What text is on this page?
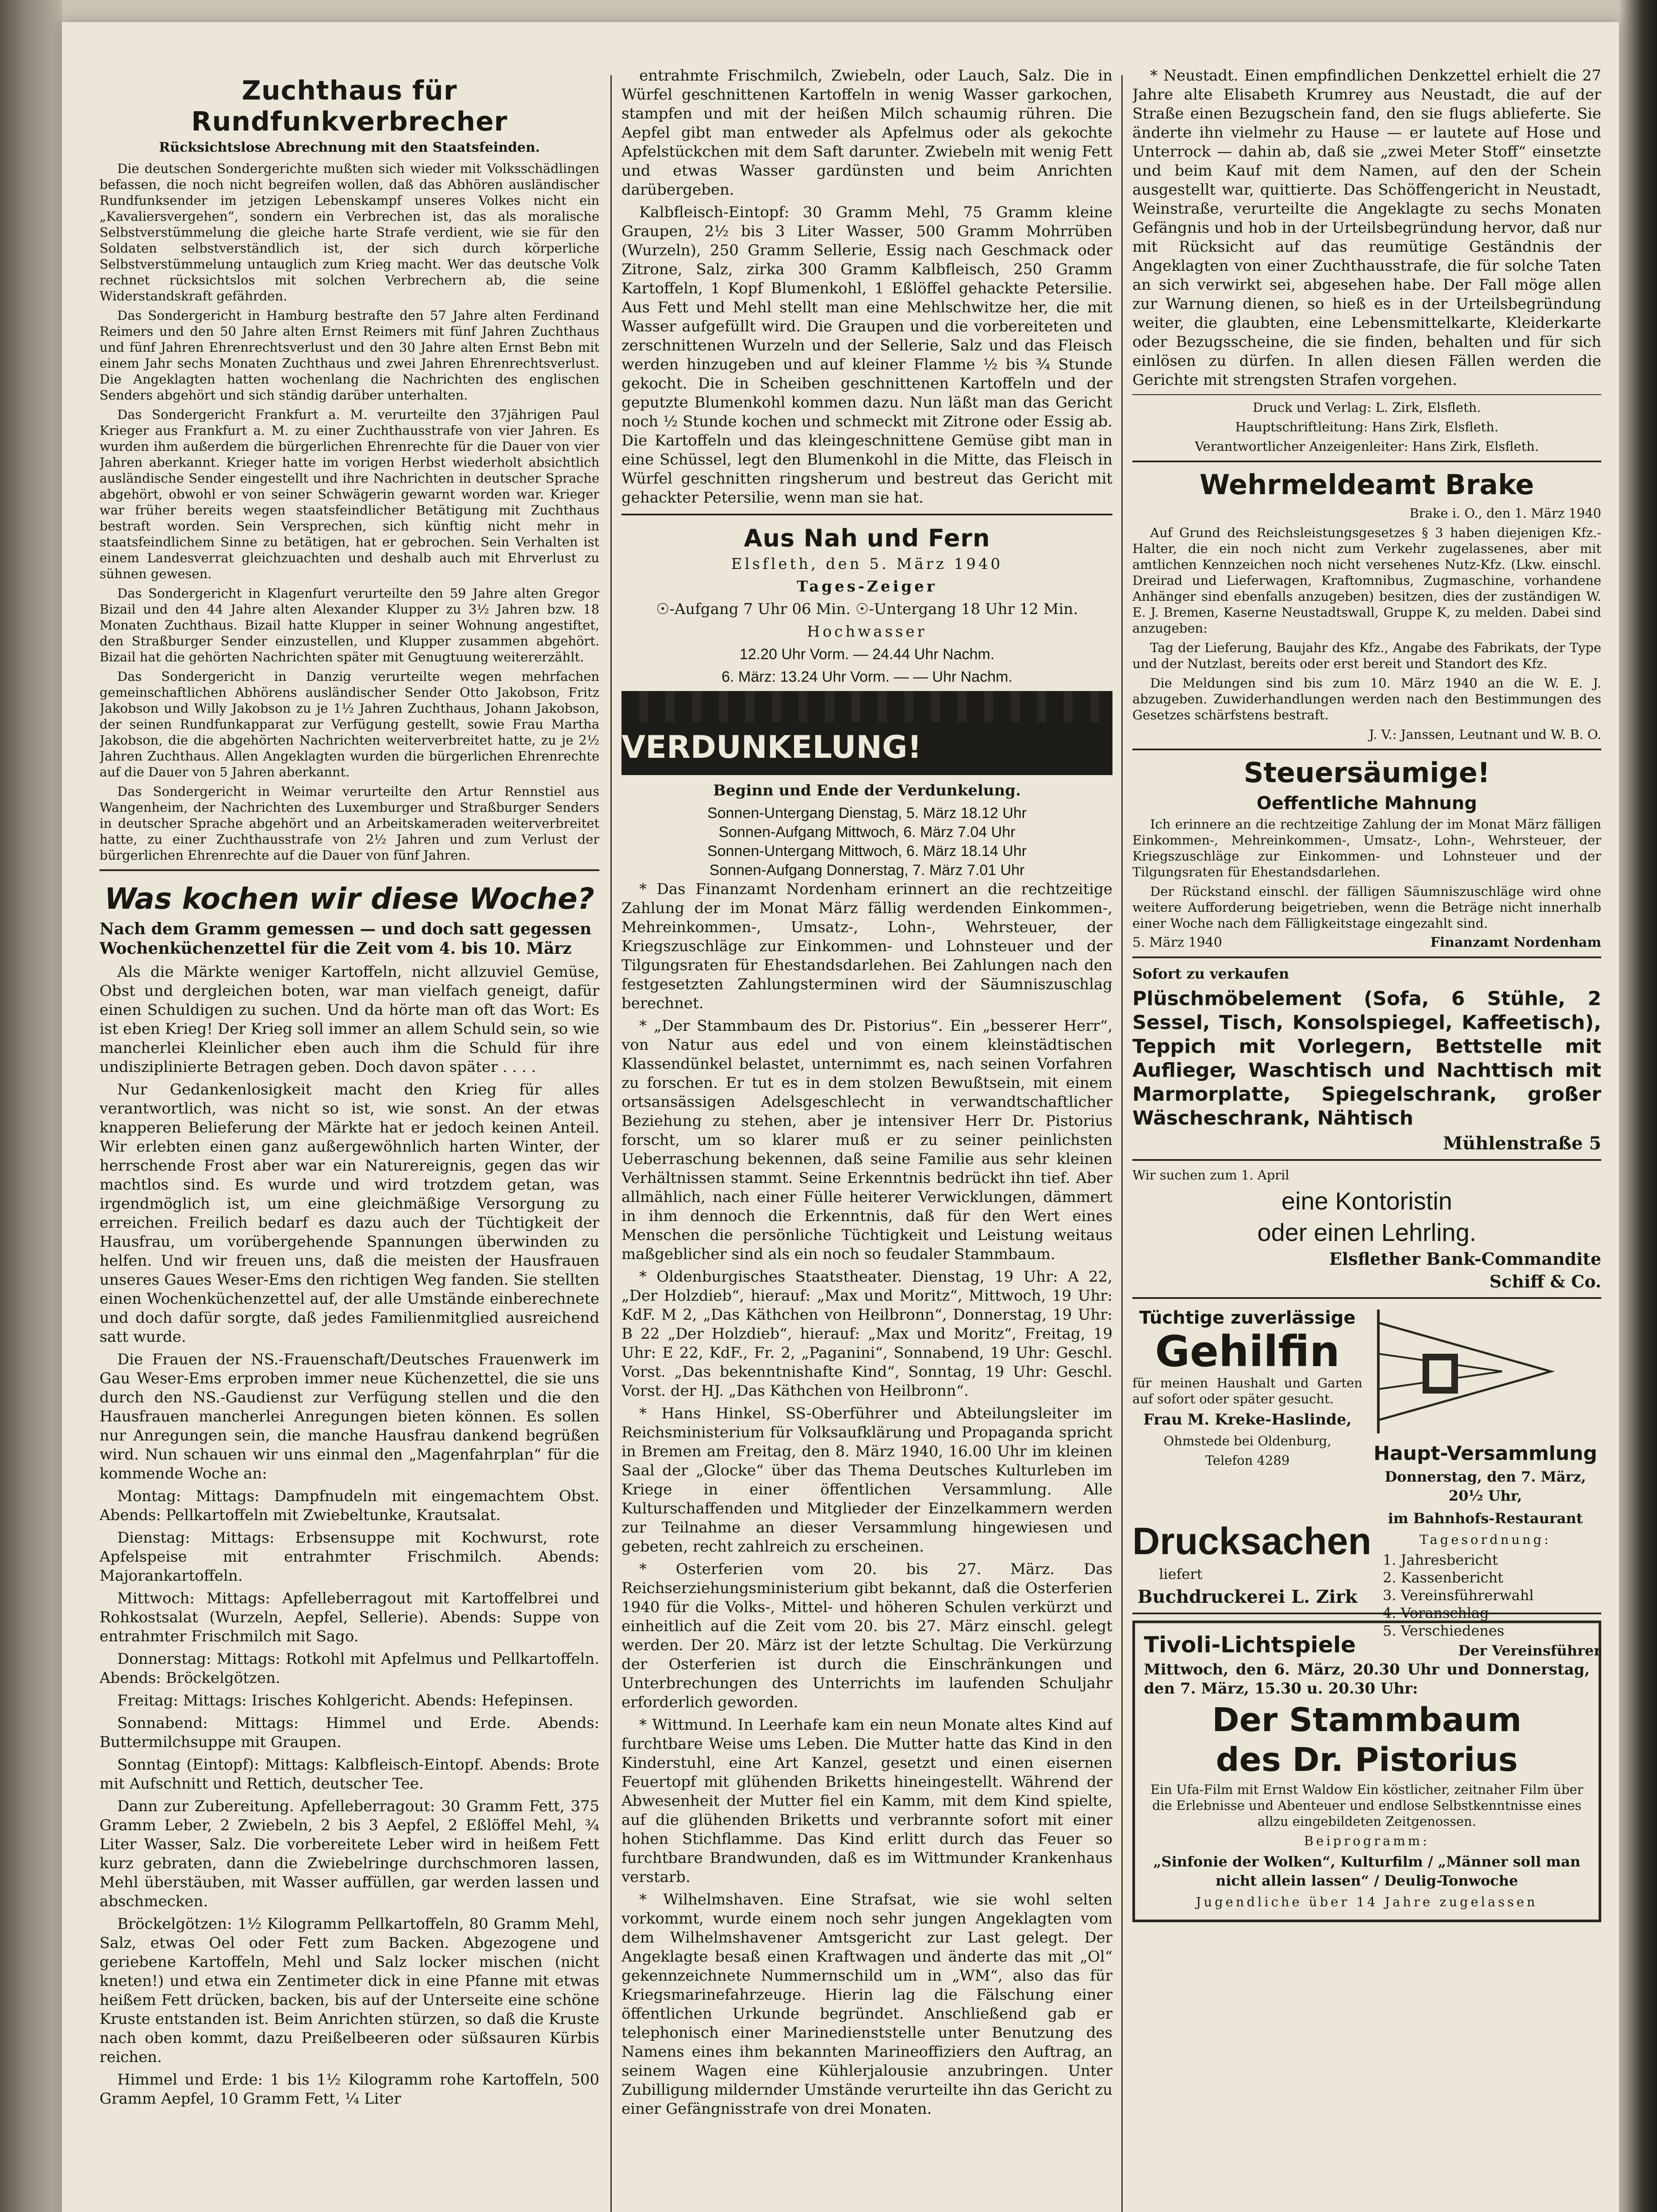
Zuchthaus für Rundfunkverbrecher
Rücksichtslose Abrechnung mit den Staatsfeinden.

Die deutschen Sondergerichte mußten sich wieder mit Volksschädlingen befassen, die noch nicht begreifen wollen, daß das Abhören ausländischer Rundfunksender im jetzigen Lebenskampf unseres Volkes nicht ein „Kavaliersvergehen“, sondern ein Verbrechen ist, das als moralische Selbstverstümmelung die gleiche harte Strafe verdient, wie sie für den Soldaten selbstverständlich ist, der sich durch körperliche Selbstverstümmelung untauglich zum Krieg macht. Wer das deutsche Volk rechnet rücksichtslos mit solchen Verbrechern ab, die seine Widerstandskraft gefährden.

Das Sondergericht in Hamburg bestrafte den 57 Jahre alten Ferdinand Reimers und den 50 Jahre alten Ernst Reimers mit fünf Jahren Zuchthaus und fünf Jahren Ehrenrechtsverlust und den 30 Jahre alten Ernst Bebn mit einem Jahr sechs Monaten Zuchthaus und zwei Jahren Ehrenrechtsverlust. Die Angeklagten hatten wochenlang die Nachrichten des englischen Senders abgehört und sich ständig darüber unterhalten.

Das Sondergericht Frankfurt a. M. verurteilte den 37jährigen Paul Krieger aus Frankfurt a. M. zu einer Zuchthausstrafe von vier Jahren. Es wurden ihm außerdem die bürgerlichen Ehrenrechte für die Dauer von vier Jahren aberkannt. Krieger hatte im vorigen Herbst wiederholt absichtlich ausländische Sender eingestellt und ihre Nachrichten in deutscher Sprache abgehört, obwohl er von seiner Schwägerin gewarnt worden war. Krieger war früher bereits wegen staatsfeindlicher Betätigung mit Zuchthaus bestraft worden. Sein Versprechen, sich künftig nicht mehr in staatsfeindlichem Sinne zu betätigen, hat er gebrochen. Sein Verhalten ist einem Landesverrat gleichzuachten und deshalb auch mit Ehrverlust zu sühnen gewesen.

Das Sondergericht in Klagenfurt verurteilte den 59 Jahre alten Gregor Bizail und den 44 Jahre alten Alexander Klupper zu 3½ Jahren bzw. 18 Monaten Zuchthaus. Bizail hatte Klupper in seiner Wohnung angestiftet, den Straßburger Sender einzustellen, und Klupper zusammen abgehört. Bizail hat die gehörten Nachrichten später mit Genugtuung weitererzählt.

Das Sondergericht in Danzig verurteilte wegen mehrfachen gemeinschaftlichen Abhörens ausländischer Sender Otto Jakobson, Fritz Jakobson und Willy Jakobson zu je 1½ Jahren Zuchthaus, Johann Jakobson, der seinen Rundfunkapparat zur Verfügung gestellt, sowie Frau Martha Jakobson, die die abgehörten Nachrichten weiterverbreitet hatte, zu je 2½ Jahren Zuchthaus. Allen Angeklagten wurden die bürgerlichen Ehrenrechte auf die Dauer von 5 Jahren aberkannt.

Das Sondergericht in Weimar verurteilte den Artur Rennstiel aus Wangenheim, der Nachrichten des Luxemburger und Straßburger Senders in deutscher Sprache abgehört und an Arbeitskameraden weiterverbreitet hatte, zu einer Zuchthausstrafe von 2½ Jahren und zum Verlust der bürgerlichen Ehrenrechte auf die Dauer von fünf Jahren.

Was kochen wir diese Woche?
Nach dem Gramm gemessen — und doch satt gegessen Wochenküchenzettel für die Zeit vom 4. bis 10. März

Als die Märkte weniger Kartoffeln, nicht allzuviel Gemüse, Obst und dergleichen boten, war man vielfach geneigt, dafür einen Schuldigen zu suchen. Und da hörte man oft das Wort: Es ist eben Krieg! Der Krieg soll immer an allem Schuld sein, so wie mancherlei Kleinlicher eben auch ihm die Schuld für ihre undisziplinierte Betragen geben. Doch davon später . . . .

Nur Gedankenlosigkeit macht den Krieg für alles verantwortlich, was nicht so ist, wie sonst. An der etwas knapperen Belieferung der Märkte hat er jedoch keinen Anteil. Wir erlebten einen ganz außergewöhnlich harten Winter, der herrschende Frost aber war ein Naturereignis, gegen das wir machtlos sind. Es wurde und wird trotzdem getan, was irgendmöglich ist, um eine gleichmäßige Versorgung zu erreichen. Freilich bedarf es dazu auch der Tüchtigkeit der Hausfrau, um vorübergehende Spannungen überwinden zu helfen. Und wir freuen uns, daß die meisten der Hausfrauen unseres Gaues Weser-Ems den richtigen Weg fanden. Sie stellten einen Wochenküchenzettel auf, der alle Umstände einberechnete und doch dafür sorgte, daß jedes Familienmitglied ausreichend satt wurde.

Die Frauen der NS.-Frauenschaft/Deutsches Frauenwerk im Gau Weser-Ems erproben immer neue Küchenzettel, die sie uns durch den NS.-Gaudienst zur Verfügung stellen und die den Hausfrauen mancherlei Anregungen bieten können. Es sollen nur Anregungen sein, die manche Hausfrau dankend begrüßen wird. Nun schauen wir uns einmal den „Magenfahrplan“ für die kommende Woche an:

Montag: Mittags: Dampfnudeln mit eingemachtem Obst. Abends: Pellkartoffeln mit Zwiebeltunke, Krautsalat.

Dienstag: Mittags: Erbsensuppe mit Kochwurst, rote Apfelspeise mit entrahmter Frischmilch. Abends: Majorankartoffeln.

Mittwoch: Mittags: Apfelleberragout mit Kartoffelbrei und Rohkostsalat (Wurzeln, Aepfel, Sellerie). Abends: Suppe von entrahmter Frischmilch mit Sago.

Donnerstag: Mittags: Rotkohl mit Apfelmus und Pellkartoffeln. Abends: Bröckelgötzen.

Freitag: Mittags: Irisches Kohlgericht. Abends: Hefepinsen.

Sonnabend: Mittags: Himmel und Erde. Abends: Buttermilchsuppe mit Graupen.

Sonntag (Eintopf): Mittags: Kalbfleisch-Eintopf. Abends: Brote mit Aufschnitt und Rettich, deutscher Tee.

Dann zur Zubereitung. Apfelleberragout: 30 Gramm Fett, 375 Gramm Leber, 2 Zwiebeln, 2 bis 3 Aepfel, 2 Eßlöffel Mehl, ¾ Liter Wasser, Salz. Die vorbereitete Leber wird in heißem Fett kurz gebraten, dann die Zwiebelringe durchschmoren lassen, Mehl überstäuben, mit Wasser auffüllen, gar werden lassen und abschmecken.

Bröckelgötzen: 1½ Kilogramm Pellkartoffeln, 80 Gramm Mehl, Salz, etwas Oel oder Fett zum Backen. Abgezogene und geriebene Kartoffeln, Mehl und Salz locker mischen (nicht kneten!) und etwa ein Zentimeter dick in eine Pfanne mit etwas heißem Fett drücken, backen, bis auf der Unterseite eine schöne Kruste entstanden ist. Beim Anrichten stürzen, so daß die Kruste nach oben kommt, dazu Preißelbeeren oder süßsauren Kürbis reichen.

Himmel und Erde: 1 bis 1½ Kilogramm rohe Kartoffeln, 500 Gramm Aepfel, 10 Gramm Fett, ¼ Liter

entrahmte Frischmilch, Zwiebeln, oder Lauch, Salz. Die in Würfel geschnittenen Kartoffeln in wenig Wasser garkochen, stampfen und mit der heißen Milch schaumig rühren. Die Aepfel gibt man entweder als Apfelmus oder als gekochte Apfelstückchen mit dem Saft darunter. Zwiebeln mit wenig Fett und etwas Wasser gardünsten und beim Anrichten darübergeben.

Kalbfleisch-Eintopf: 30 Gramm Mehl, 75 Gramm kleine Graupen, 2½ bis 3 Liter Wasser, 500 Gramm Mohrrüben (Wurzeln), 250 Gramm Sellerie, Essig nach Geschmack oder Zitrone, Salz, zirka 300 Gramm Kalbfleisch, 250 Gramm Kartoffeln, 1 Kopf Blumenkohl, 1 Eßlöffel gehackte Petersilie. Aus Fett und Mehl stellt man eine Mehlschwitze her, die mit Wasser aufgefüllt wird. Die Graupen und die vorbereiteten und zerschnittenen Wurzeln und der Sellerie, Salz und das Fleisch werden hinzugeben und auf kleiner Flamme ½ bis ¾ Stunde gekocht. Die in Scheiben geschnittenen Kartoffeln und der geputzte Blumenkohl kommen dazu. Nun läßt man das Gericht noch ½ Stunde kochen und schmeckt mit Zitrone oder Essig ab. Die Kartoffeln und das kleingeschnittene Gemüse gibt man in eine Schüssel, legt den Blumenkohl in die Mitte, das Fleisch in Würfel geschnitten ringsherum und bestreut das Gericht mit gehackter Petersilie, wenn man sie hat.

Aus Nah und Fern

Elsfleth, den 5. März 1940

Tages-Zeiger

☉-Aufgang 7 Uhr 06 Min. ☉-Untergang 18 Uhr 12 Min.

Hochwasser

12.20 Uhr Vorm. — 24.44 Uhr Nachm.

6. März: 13.24 Uhr Vorm. — — Uhr Nachm.

VERDUNKELUNG!

Beginn und Ende der Verdunkelung.

Sonnen-Untergang Dienstag, 5. März 18.12 Uhr

Sonnen-Aufgang Mittwoch, 6. März 7.04 Uhr

Sonnen-Untergang Mittwoch, 6. März 18.14 Uhr

Sonnen-Aufgang Donnerstag, 7. März 7.01 Uhr

* Das Finanzamt Nordenham erinnert an die rechtzeitige Zahlung der im Monat März fällig werdenden Einkommen-, Mehreinkommen-, Umsatz-, Lohn-, Wehrsteuer, der Kriegszuschläge zur Einkommen- und Lohnsteuer und der Tilgungsraten für Ehestandsdarlehen. Bei Zahlungen nach den festgesetzten Zahlungsterminen wird der Säumniszuschlag berechnet.

* „Der Stammbaum des Dr. Pistorius“. Ein „besserer Herr“, von Natur aus edel und von einem kleinstädtischen Klassendünkel belastet, unternimmt es, nach seinen Vorfahren zu forschen. Er tut es in dem stolzen Bewußtsein, mit einem ortsansässigen Adelsgeschlecht in verwandtschaftlicher Beziehung zu stehen, aber je intensiver Herr Dr. Pistorius forscht, um so klarer muß er zu seiner peinlichsten Ueberraschung bekennen, daß seine Familie aus sehr kleinen Verhältnissen stammt. Seine Erkenntnis bedrückt ihn tief. Aber allmählich, nach einer Fülle heiterer Verwicklungen, dämmert in ihm dennoch die Erkenntnis, daß für den Wert eines Menschen die persönliche Tüchtigkeit und Leistung weitaus maßgeblicher sind als ein noch so feudaler Stammbaum.

* Oldenburgisches Staatstheater. Dienstag, 19 Uhr: A 22, „Der Holzdieb“, hierauf: „Max und Moritz“, Mittwoch, 19 Uhr: KdF. M 2, „Das Käthchen von Heilbronn“, Donnerstag, 19 Uhr: B 22 „Der Holzdieb“, hierauf: „Max und Moritz“, Freitag, 19 Uhr: E 22, KdF., Fr. 2, „Paganini“, Sonnabend, 19 Uhr: Geschl. Vorst. „Das bekenntnishafte Kind“, Sonntag, 19 Uhr: Geschl. Vorst. der HJ. „Das Käthchen von Heilbronn“.

* Hans Hinkel, SS-Oberführer und Abteilungsleiter im Reichsministerium für Volksaufklärung und Propaganda spricht in Bremen am Freitag, den 8. März 1940, 16.00 Uhr im kleinen Saal der „Glocke“ über das Thema Deutsches Kulturleben im Kriege in einer öffentlichen Versammlung. Alle Kulturschaffenden und Mitglieder der Einzelkammern werden zur Teilnahme an dieser Versammlung hingewiesen und gebeten, recht zahlreich zu erscheinen.

* Osterferien vom 20. bis 27. März. Das Reichserziehungsministerium gibt bekannt, daß die Osterferien 1940 für die Volks-, Mittel- und höheren Schulen verkürzt und einheitlich auf die Zeit vom 20. bis 27. März einschl. gelegt werden. Der 20. März ist der letzte Schultag. Die Verkürzung der Osterferien ist durch die Einschränkungen und Unterbrechungen des Unterrichts im laufenden Schuljahr erforderlich geworden.

* Wittmund. In Leerhafe kam ein neun Monate altes Kind auf furchtbare Weise ums Leben. Die Mutter hatte das Kind in den Kinderstuhl, eine Art Kanzel, gesetzt und einen eisernen Feuertopf mit glühenden Briketts hineingestellt. Während der Abwesenheit der Mutter fiel ein Kamm, mit dem Kind spielte, auf die glühenden Briketts und verbrannte sofort mit einer hohen Stichflamme. Das Kind erlitt durch das Feuer so furchtbare Brandwunden, daß es im Wittmunder Krankenhaus verstarb.

* Wilhelmshaven. Eine Strafsat, wie sie wohl selten vorkommt, wurde einem noch sehr jungen Angeklagten vom dem Wilhelmshavener Amtsgericht zur Last gelegt. Der Angeklagte besaß einen Kraftwagen und änderte das mit „Ol“ gekennzeichnete Nummernschild um in „WM“, also das für Kriegsmarinefahrzeuge. Hierin lag die Fälschung einer öffentlichen Urkunde begründet. Anschließend gab er telephonisch einer Marinedienststelle unter Benutzung des Namens eines ihm bekannten Marineoffiziers den Auftrag, an seinem Wagen eine Kühlerjalousie anzubringen. Unter Zubilligung mildernder Umstände verurteilte ihn das Gericht zu einer Gefängnisstrafe von drei Monaten.

* Neustadt. Einen empfindlichen Denkzettel erhielt die 27 Jahre alte Elisabeth Krumrey aus Neustadt, die auf der Straße einen Bezugschein fand, den sie flugs ablieferte. Sie änderte ihn vielmehr zu Hause — er lautete auf Hose und Unterrock — dahin ab, daß sie „zwei Meter Stoff“ einsetzte und beim Kauf mit dem Namen, auf den der Schein ausgestellt war, quittierte. Das Schöffengericht in Neustadt, Weinstraße, verurteilte die Angeklagte zu sechs Monaten Gefängnis und hob in der Urteilsbegründung hervor, daß nur mit Rücksicht auf das reumütige Geständnis der Angeklagten von einer Zuchthausstrafe, die für solche Taten an sich verwirkt sei, abgesehen habe. Der Fall möge allen zur Warnung dienen, so hieß es in der Urteilsbegründung weiter, die glaubten, eine Lebensmittelkarte, Kleiderkarte oder Bezugsscheine, die sie finden, behalten und für sich einlösen zu dürfen. In allen diesen Fällen werden die Gerichte mit strengsten Strafen vorgehen.

Druck und Verlag: L. Zirk, Elsfleth.

Hauptschriftleitung: Hans Zirk, Elsfleth.

Verantwortlicher Anzeigenleiter: Hans Zirk, Elsfleth.

Wehrmeldeamt Brake

Brake i. O., den 1. März 1940

Auf Grund des Reichsleistungsgesetzes § 3 haben diejenigen Kfz.-Halter, die ein noch nicht zum Verkehr zugelassenes, aber mit amtlichen Kennzeichen noch nicht versehenes Nutz-Kfz. (Lkw. einschl. Dreirad und Lieferwagen, Kraftomnibus, Zugmaschine, vorhandene Anhänger sind ebenfalls anzugeben) besitzen, dies der zuständigen W. E. J. Bremen, Kaserne Neustadtswall, Gruppe K, zu melden. Dabei sind anzugeben:

Tag der Lieferung, Baujahr des Kfz., Angabe des Fabrikats, der Type und der Nutzlast, bereits oder erst bereit und Standort des Kfz.

Die Meldungen sind bis zum 10. März 1940 an die W. E. J. abzugeben. Zuwiderhandlungen werden nach den Bestimmungen des Gesetzes schärfstens bestraft.

J. V.: Janssen, Leutnant und W. B. O.

Steuersäumige!
Oeffentliche Mahnung

Ich erinnere an die rechtzeitige Zahlung der im Monat März fälligen Einkommen-, Mehreinkommen-, Umsatz-, Lohn-, Wehrsteuer, der Kriegszuschläge zur Einkommen- und Lohnsteuer und der Tilgungsraten für Ehestandsdarlehen.

Der Rückstand einschl. der fälligen Säumniszuschläge wird ohne weitere Aufforderung beigetrieben, wenn die Beträge nicht innerhalb einer Woche nach dem Fälligkeitstage eingezahlt sind.

5. März 1940	Finanzamt Nordenham

Sofort zu verkaufen

Plüschmöbelement (Sofa, 6 Stühle, 2 Sessel, Tisch, Konsolspiegel, Kaffeetisch), Teppich mit Vorlegern, Bettstelle mit Auflieger, Waschtisch und Nachttisch mit Marmorplatte, Spiegelschrank, großer Wäscheschrank, Nähtisch

Mühlenstraße 5

Wir suchen zum 1. April

eine Kontoristin
oder einen Lehrling.

Elsflether Bank-Commandite

Schiff & Co.

Tüchtige zuverlässige
Gehilfin

für meinen Haushalt und Garten auf sofort oder später gesucht.

Frau M. Kreke-Haslinde,

Ohmstede bei Oldenburg,

Telefon 4289	Haupt-Versammlung

Donnerstag, den 7. März, 20½ Uhr,

im Bahnhofs-Restaurant

Tagesordnung:

1. Jahresbericht
2. Kassenbericht
3. Vereinsführerwahl
4. Voranschlag
5. Verschiedenes

Der Vereinsführer

Drucksachen

liefert

Buchdruckerei L. Zirk

Tivoli-Lichtspiele

Mittwoch, den 6. März, 20.30 Uhr und Donnerstag, den 7. März, 15.30 u. 20.30 Uhr:

Der Stammbaum
des Dr. Pistorius

Ein Ufa-Film mit Ernst Waldow Ein köstlicher, zeitnaher Film über die Erlebnisse und Abenteuer und endlose Selbstkenntnisse eines allzu eingebildeten Zeitgenossen.

Beiprogramm:

„Sinfonie der Wolken“, Kulturfilm / „Männer soll man nicht allein lassen“ / Deulig-Tonwoche

Jugendliche über 14 Jahre zugelassen
